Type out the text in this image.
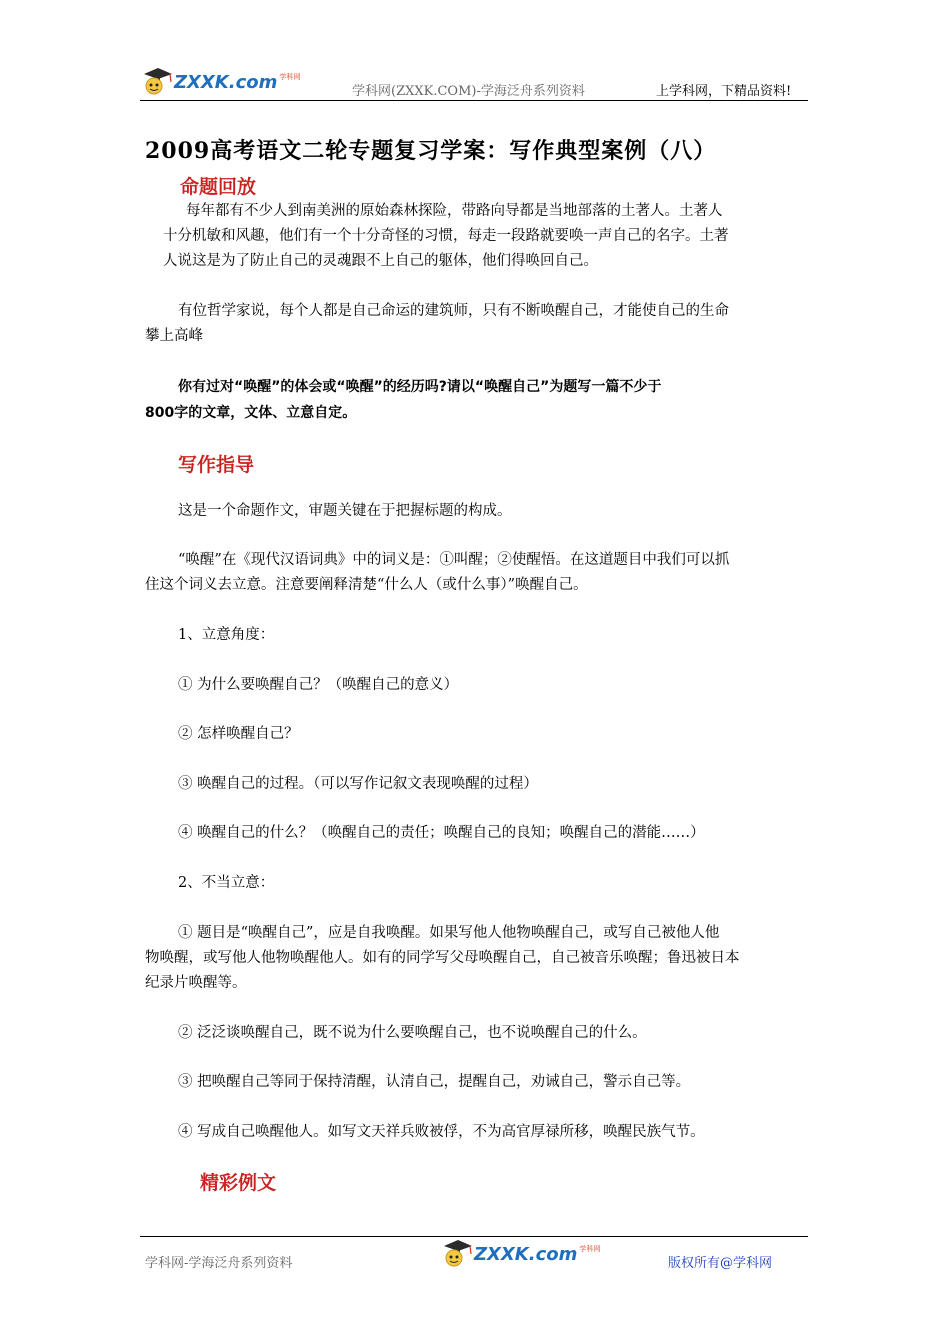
ZXXK.com 学科网
学科网(ZXXK.COM)-学海泛舟系列资料	上学科网，下精品资料!
2009高考语文二轮专题复习学案：写作典型案例（八）
命题回放
每年都有不少人到南美洲的原始森林探险，带路向导都是当地部落的土著人。土著人
十分机敏和风趣，他们有一个十分奇怪的习惯，每走一段路就要唤一声自己的名字。土著
人说这是为了防止自己的灵魂跟不上自己的躯体，他们得唤回自己。
有位哲学家说，每个人都是自己命运的建筑师，只有不断唤醒自己，才能使自己的生命
攀上高峰
你有过对“唤醒”的体会或“唤醒”的经历吗?请以“唤醒自己”为题写一篇不少于
800字的文章，文体、立意自定。
写作指导
这是一个命题作文，审题关键在于把握标题的构成。
“唤醒”在《现代汉语词典》中的词义是：①叫醒；②使醒悟。在这道题目中我们可以抓
住这个词义去立意。注意要阐释清楚“什么人（或什么事）”唤醒自己。
1、立意角度：
① 为什么要唤醒自己？（唤醒自己的意义）
② 怎样唤醒自己？
③ 唤醒自己的过程。（可以写作记叙文表现唤醒的过程）
④ 唤醒自己的什么？（唤醒自己的责任；唤醒自己的良知；唤醒自己的潜能……）
2、不当立意：
① 题目是“唤醒自己”，应是自我唤醒。如果写他人他物唤醒自己，或写自己被他人他
物唤醒，或写他人他物唤醒他人。如有的同学写父母唤醒自己，自己被音乐唤醒；鲁迅被日本
纪录片唤醒等。
② 泛泛谈唤醒自己，既不说为什么要唤醒自己，也不说唤醒自己的什么。
③ 把唤醒自己等同于保持清醒，认清自己，提醒自己，劝诫自己，警示自己等。
④ 写成自己唤醒他人。如写文天祥兵败被俘，不为高官厚禄所移，唤醒民族气节。
精彩例文
学科网-学海泛舟系列资料	ZXXK.com 学科网
版权所有@学科网
